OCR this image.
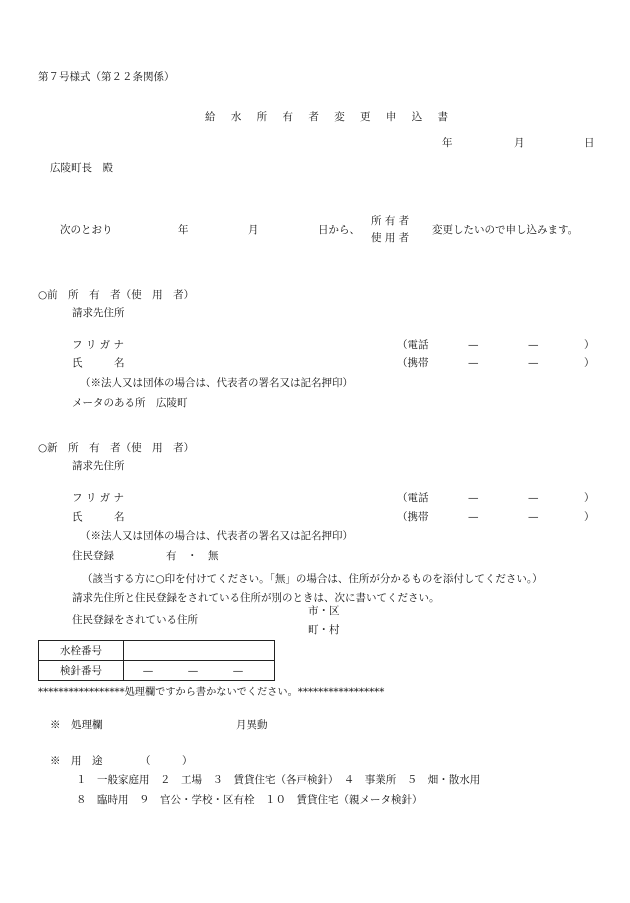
第７号様式（第２２条関係）
給 水 所 有 者 変 更 申 込 書
年	月	日
広陵町長　殿
次のとおり	年	月	日から、
所 有 者
使 用 者
変更したいので申し込みます。
○前　所　有　者（使　用　者）
請求先住所
フ リ ガ ナ	（電話	—	—	）
氏　　　名	（携帯	—	—	）
（※法人又は団体の場合は、代表者の署名又は記名押印）
メータのある所　広陵町
○新　所　有　者（使　用　者）
請求先住所
フ リ ガ ナ	（電話	—	—	）
氏　　　名	（携帯	—	—	）
（※法人又は団体の場合は、代表者の署名又は記名押印）
住民登録	有　・　無
（該当する方に○印を付けてください。「無」の場合は、住所が分かるものを添付してください。）
請求先住所と住民登録をされている住所が別のときは、次に書いてください。
住民登録をされている住所
市・区
町・村
水栓番号	
検針番号	—　—　—
*****************処理欄ですから書かないでください。*****************
※　処理欄	月異動
※　用　途	（　　　）
１　一般家庭用　２　工場　３　賃貸住宅（各戸検針）　４　事業所　５　畑・散水用
８　臨時用　９　官公・学校・区有栓　１０　賃貸住宅（親メータ検針）
